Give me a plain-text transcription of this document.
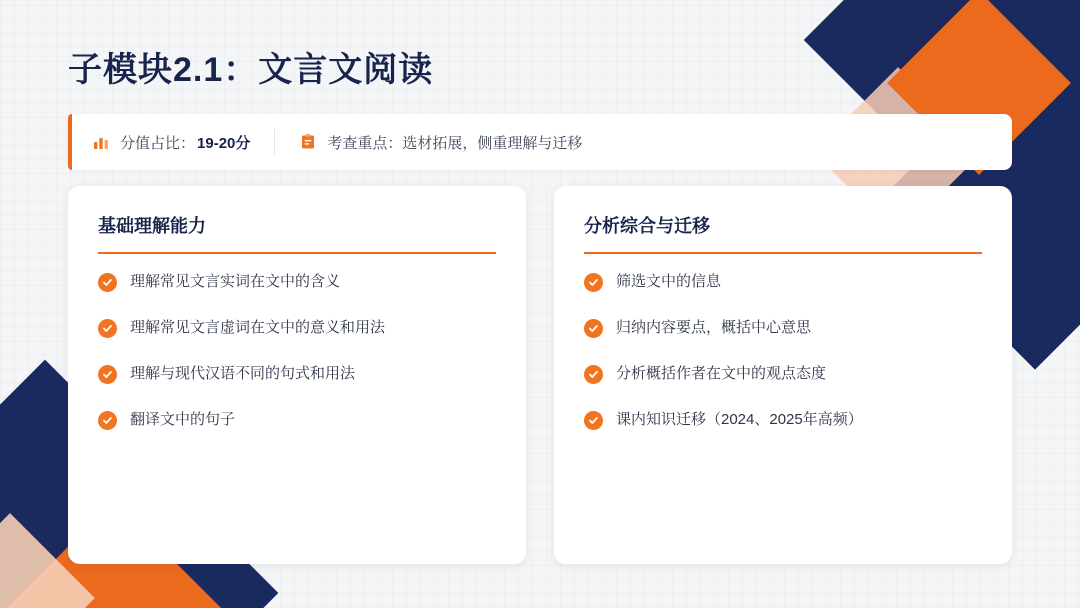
子模块2.1：文言文阅读
分值占比： 19-20分	考查重点： 选材拓展，侧重理解与迁移
基础理解能力
理解常见文言实词在文中的含义
理解常见文言虚词在文中的意义和用法
理解与现代汉语不同的句式和用法
翻译文中的句子
分析综合与迁移
筛选文中的信息
归纳内容要点，概括中心意思
分析概括作者在文中的观点态度
课内知识迁移（2024、2025年高频）
